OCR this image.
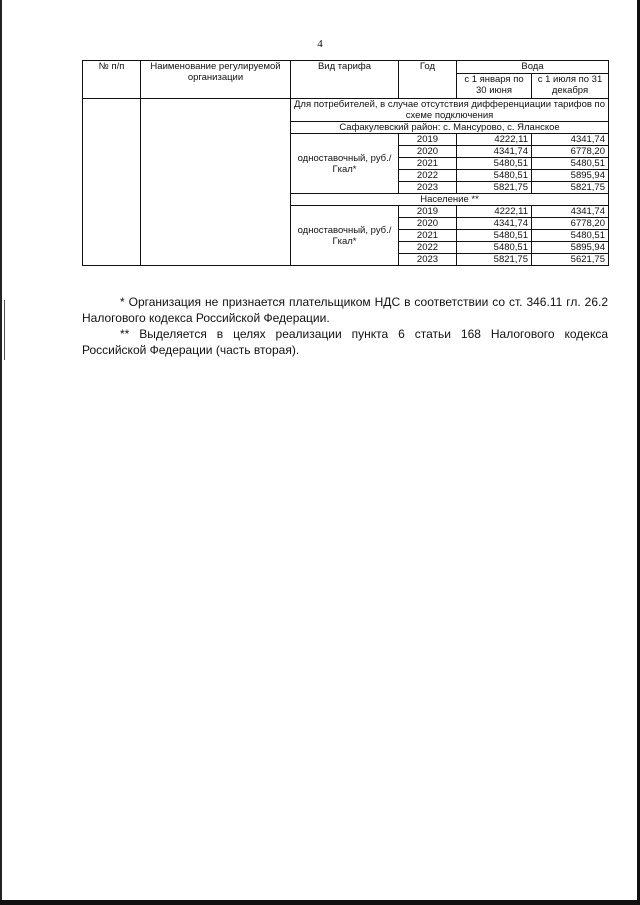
4
№ п/п	Наименование регулируемой организации	Вид тарифа	Год	Вода	
				с 1 января по 30 июня	с 1 июля по 31 декабря
		Для потребителей, в случае отсутствия дифференциации тарифов по схеме подключения			
		Сафакулевский район: с. Мансурово, с. Яланское			
		одноставочный, руб./Гкал*	2019	4222,11	4341,74
			2020	4341,74	6778,20
			2021	5480,51	5480,51
			2022	5480,51	5895,94
			2023	5821,75	5821,75
		Население **			
		одноставочный, руб./Гкал*	2019	4222,11	4341,74
			2020	4341,74	6778,20
			2021	5480,51	5480,51
			2022	5480,51	5895,94
			2023	5821,75	5621,75

* Организация не признается плательщиком НДС в соответствии со ст. 346.11 гл. 26.2 Налогового кодекса Российской Федерации.

** Выделяется в целях реализации пункта 6 статьи 168 Налогового кодекса Российской Федерации (часть вторая).
